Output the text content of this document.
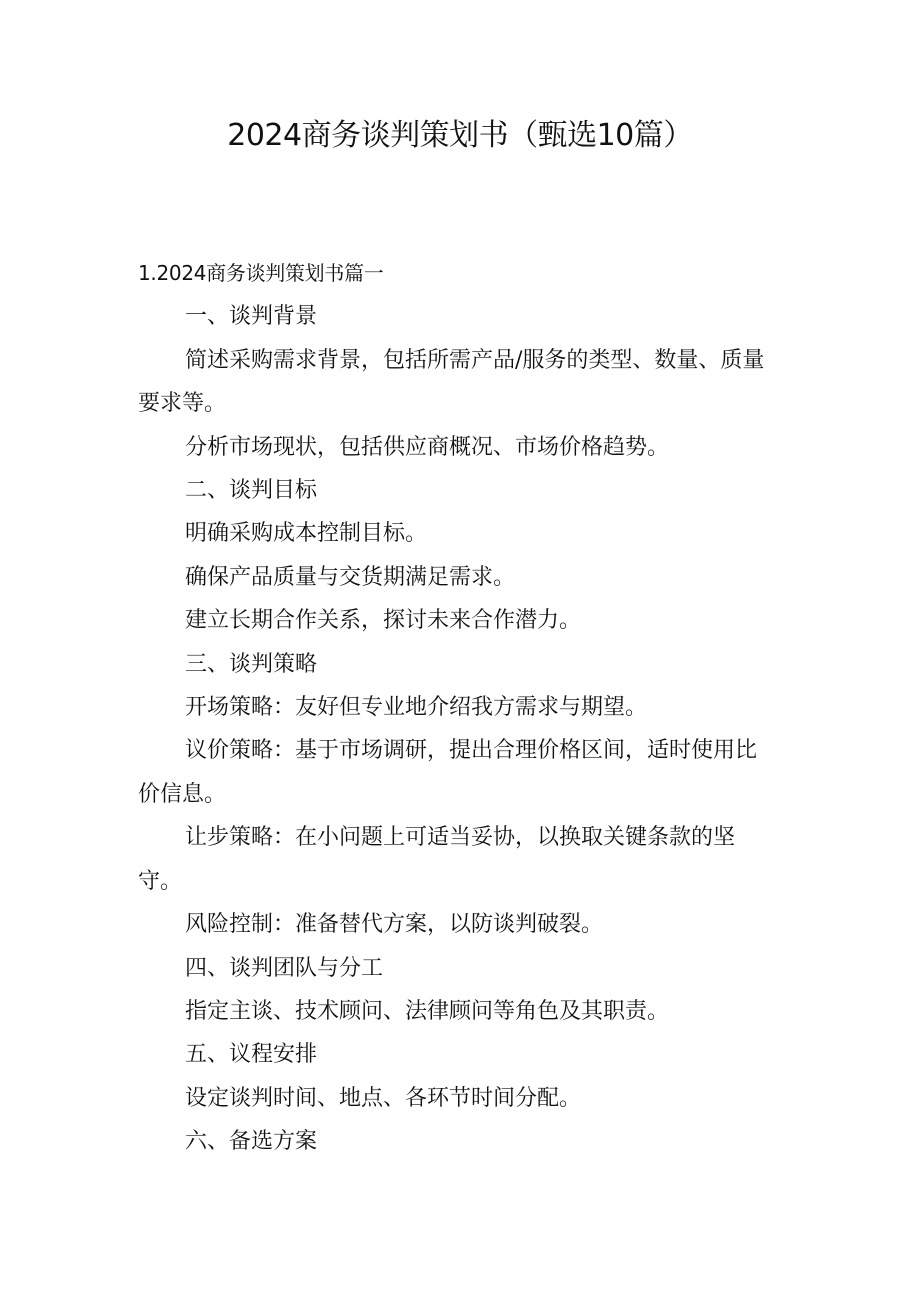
2024商务谈判策划书（甄选10篇）

1.2024商务谈判策划书篇一

一、谈判背景

简述采购需求背景，包括所需产品/服务的类型、数量、质量要求等。

分析市场现状，包括供应商概况、市场价格趋势。

二、谈判目标

明确采购成本控制目标。

确保产品质量与交货期满足需求。

建立长期合作关系，探讨未来合作潜力。

三、谈判策略

开场策略：友好但专业地介绍我方需求与期望。

议价策略：基于市场调研，提出合理价格区间，适时使用比价信息。

让步策略：在小问题上可适当妥协，以换取关键条款的坚守。

风险控制：准备替代方案，以防谈判破裂。

四、谈判团队与分工

指定主谈、技术顾问、法律顾问等角色及其职责。

五、议程安排

设定谈判时间、地点、各环节时间分配。

六、备选方案
